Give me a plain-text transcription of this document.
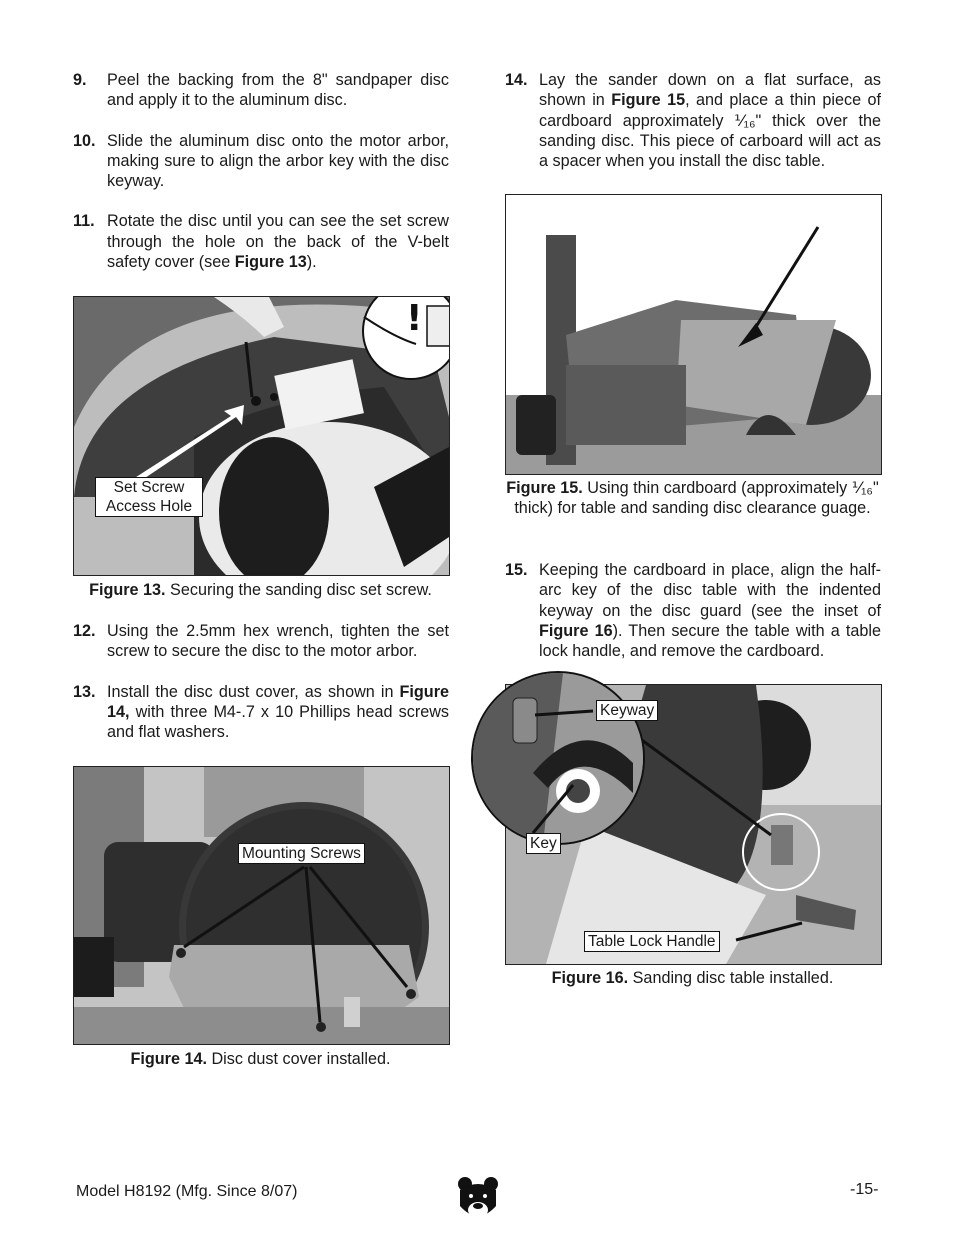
9. Peel the backing from the 8" sandpaper disc and apply it to the aluminum disc.
10. Slide the aluminum disc onto the motor arbor, making sure to align the arbor key with the disc keyway.
11. Rotate the disc until you can see the set screw through the hole on the back of the V-belt safety cover (see Figure 13).
!
Set Screw
Access Hole
Figure 13. Securing the sanding disc set screw.
12. Using the 2.5mm hex wrench, tighten the set screw to secure the disc to the motor arbor.
13. Install the disc dust cover, as shown in Figure 14, with three M4-.7 x 10 Phillips head screws and flat washers.
Mounting Screws
Figure 14. Disc dust cover installed.
14. Lay the sander down on a flat surface, as shown in Figure 15, and place a thin piece of cardboard approximately ⅟₁₆" thick over the sanding disc. This piece of carboard will act as a spacer when you install the disc table.
Figure 15. Using thin cardboard (approximately ⅟₁₆" thick) for table and sanding disc clearance guage.
15. Keeping the cardboard in place, align the half-arc key of the disc table with the indented keyway on the disc guard (see the inset of Figure 16). Then secure the table with a table lock handle, and remove the cardboard.
Keyway
Key
Table Lock Handle
Figure 16. Sanding disc table installed.
Model H8192 (Mfg. Since 8/07)	-15-
